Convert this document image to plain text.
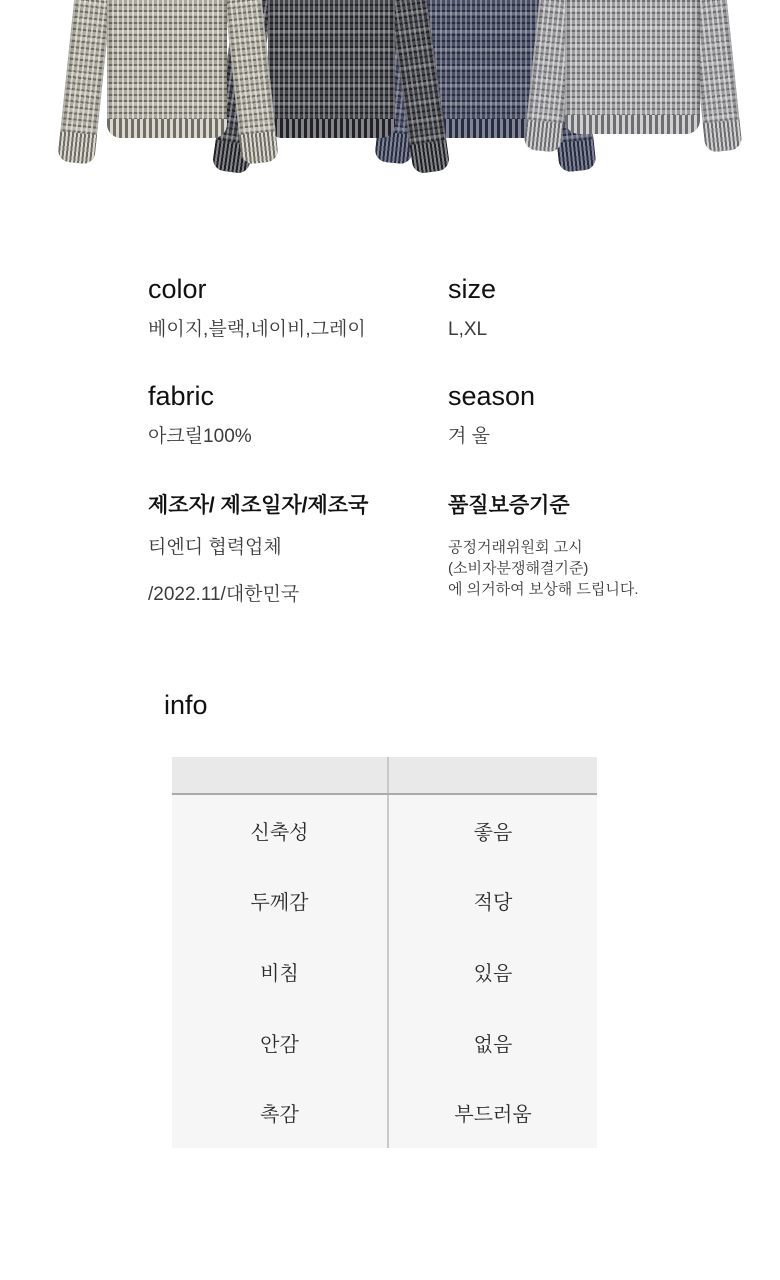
color

베이지,블랙,네이비,그레이

size

L,XL

fabric

아크릴100%

season

겨 울

제조자/ 제조일자/제조국

티엔디 협력업체

/2022.11/대한민국

품질보증기준

공정거래위원회 고시

(소비자분쟁해결기준)

에 의거하여 보상해 드립니다.

info
신축성	좋음
두께감	적당
비침	있음
안감	없음
촉감	부드러움
